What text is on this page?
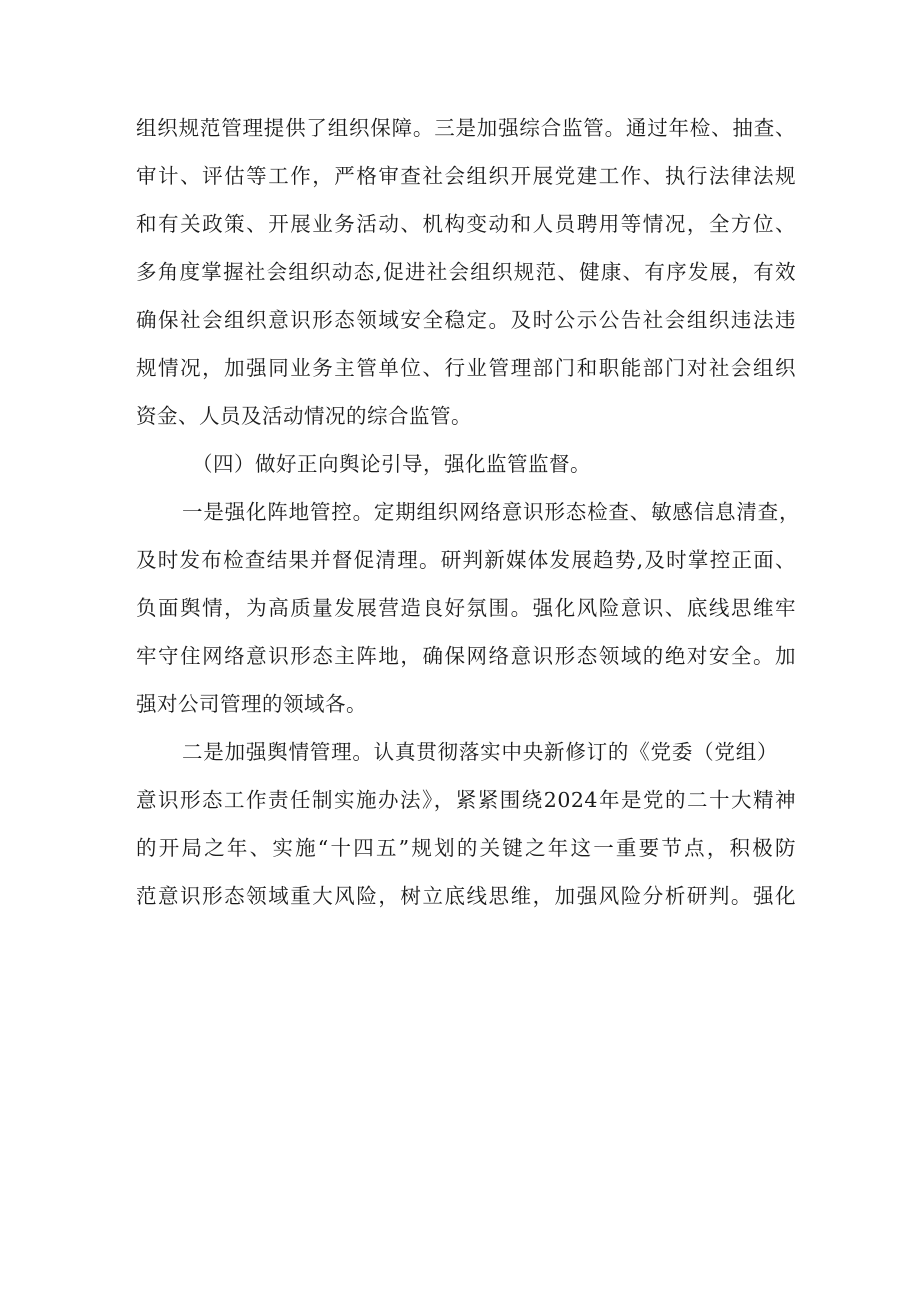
组织规范管理提供了组织保障。三是加强综合监管。通过年检、抽查、
审计、评估等工作，严格审查社会组织开展党建工作、执行法律法规
和有关政策、开展业务活动、机构变动和人员聘用等情况，全方位、
多角度掌握社会组织动态,促进社会组织规范、健康、有序发展，有效
确保社会组织意识形态领域安全稳定。及时公示公告社会组织违法违
规情况，加强同业务主管单位、行业管理部门和职能部门对社会组织
资金、人员及活动情况的综合监管。
（四）做好正向舆论引导，强化监管监督。
一是强化阵地管控。定期组织网络意识形态检查、敏感信息清查，
及时发布检查结果并督促清理。研判新媒体发展趋势,及时掌控正面、
负面舆情，为高质量发展营造良好氛围。强化风险意识、底线思维牢
牢守住网络意识形态主阵地，确保网络意识形态领域的绝对安全。加
强对公司管理的领域各。
二是加强舆情管理。认真贯彻落实中央新修订的《党委（党组）
意识形态工作责任制实施办法》，紧紧围绕2024年是党的二十大精神
的开局之年、实施“十四五”规划的关键之年这一重要节点，积极防
范意识形态领域重大风险，树立底线思维，加强风险分析研判。强化
